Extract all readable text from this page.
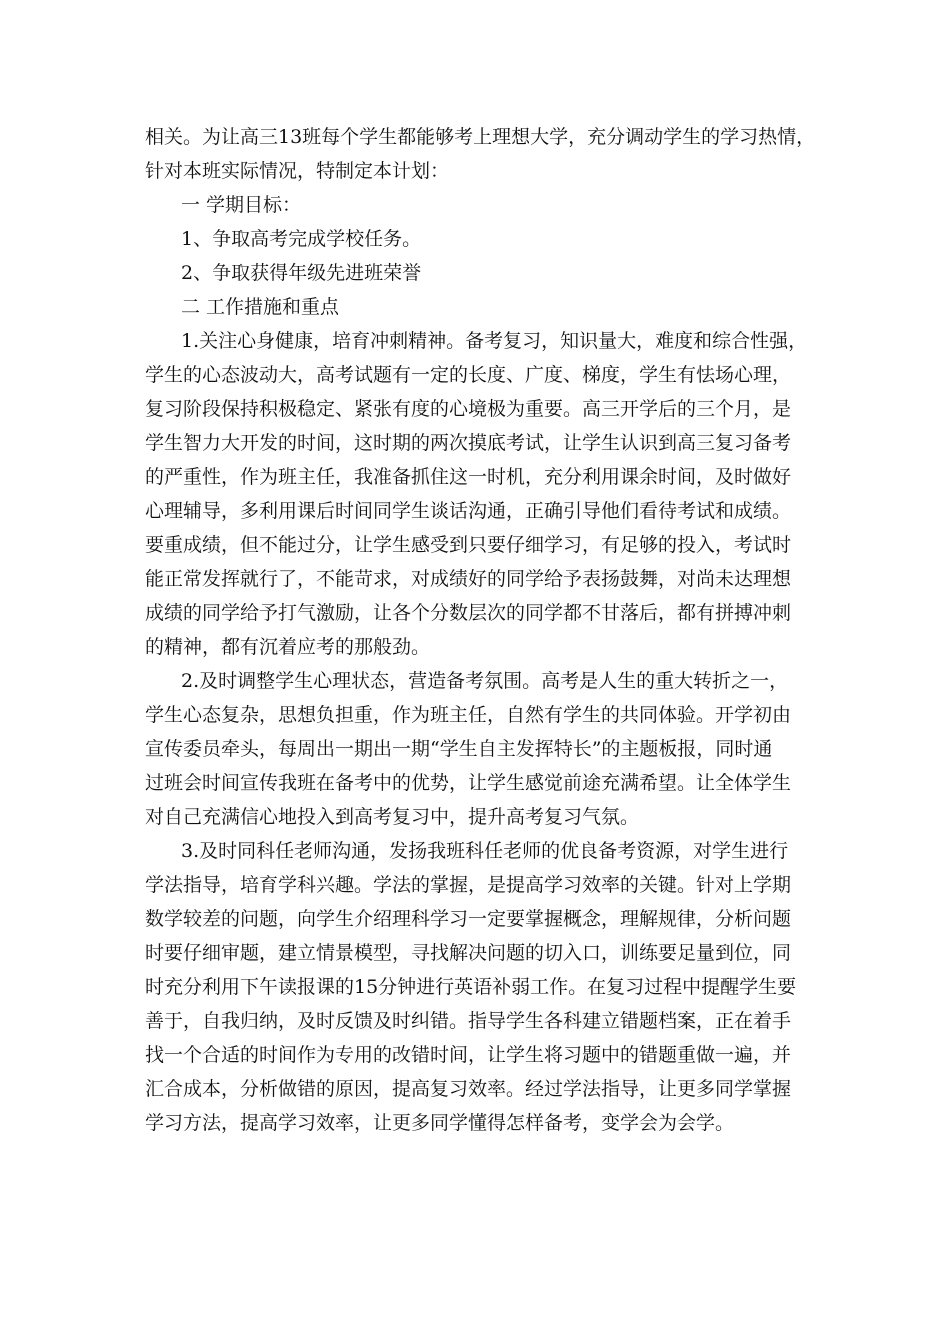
相关。为让高三13班每个学生都能够考上理想大学，充分调动学生的学习热情，
针对本班实际情况，特制定本计划：
一 学期目标：
1、争取高考完成学校任务。
2、争取获得年级先进班荣誉
二 工作措施和重点
1.关注心身健康，培育冲刺精神。备考复习，知识量大，难度和综合性强，
学生的心态波动大，高考试题有一定的长度、广度、梯度，学生有怯场心理，
复习阶段保持积极稳定、紧张有度的心境极为重要。高三开学后的三个月，是
学生智力大开发的时间，这时期的两次摸底考试，让学生认识到高三复习备考
的严重性，作为班主任，我准备抓住这一时机，充分利用课余时间，及时做好
心理辅导，多利用课后时间同学生谈话沟通，正确引导他们看待考试和成绩。
要重成绩，但不能过分，让学生感受到只要仔细学习，有足够的投入，考试时
能正常发挥就行了，不能苛求，对成绩好的同学给予表扬鼓舞，对尚未达理想
成绩的同学给予打气激励，让各个分数层次的同学都不甘落后，都有拼搏冲刺
的精神，都有沉着应考的那般劲。
2.及时调整学生心理状态，营造备考氛围。高考是人生的重大转折之一，
学生心态复杂，思想负担重，作为班主任，自然有学生的共同体验。开学初由
宣传委员牵头，每周出一期出一期“学生自主发挥特长”的主题板报，同时通
过班会时间宣传我班在备考中的优势，让学生感觉前途充满希望。让全体学生
对自己充满信心地投入到高考复习中，提升高考复习气氛。
3.及时同科任老师沟通，发扬我班科任老师的优良备考资源，对学生进行
学法指导，培育学科兴趣。学法的掌握，是提高学习效率的关键。针对上学期
数学较差的问题，向学生介绍理科学习一定要掌握概念，理解规律，分析问题
时要仔细审题，建立情景模型，寻找解决问题的切入口，训练要足量到位，同
时充分利用下午读报课的15分钟进行英语补弱工作。在复习过程中提醒学生要
善于，自我归纳，及时反馈及时纠错。指导学生各科建立错题档案，正在着手
找一个合适的时间作为专用的改错时间，让学生将习题中的错题重做一遍，并
汇合成本，分析做错的原因，提高复习效率。经过学法指导，让更多同学掌握
学习方法，提高学习效率，让更多同学懂得怎样备考，变学会为会学。
